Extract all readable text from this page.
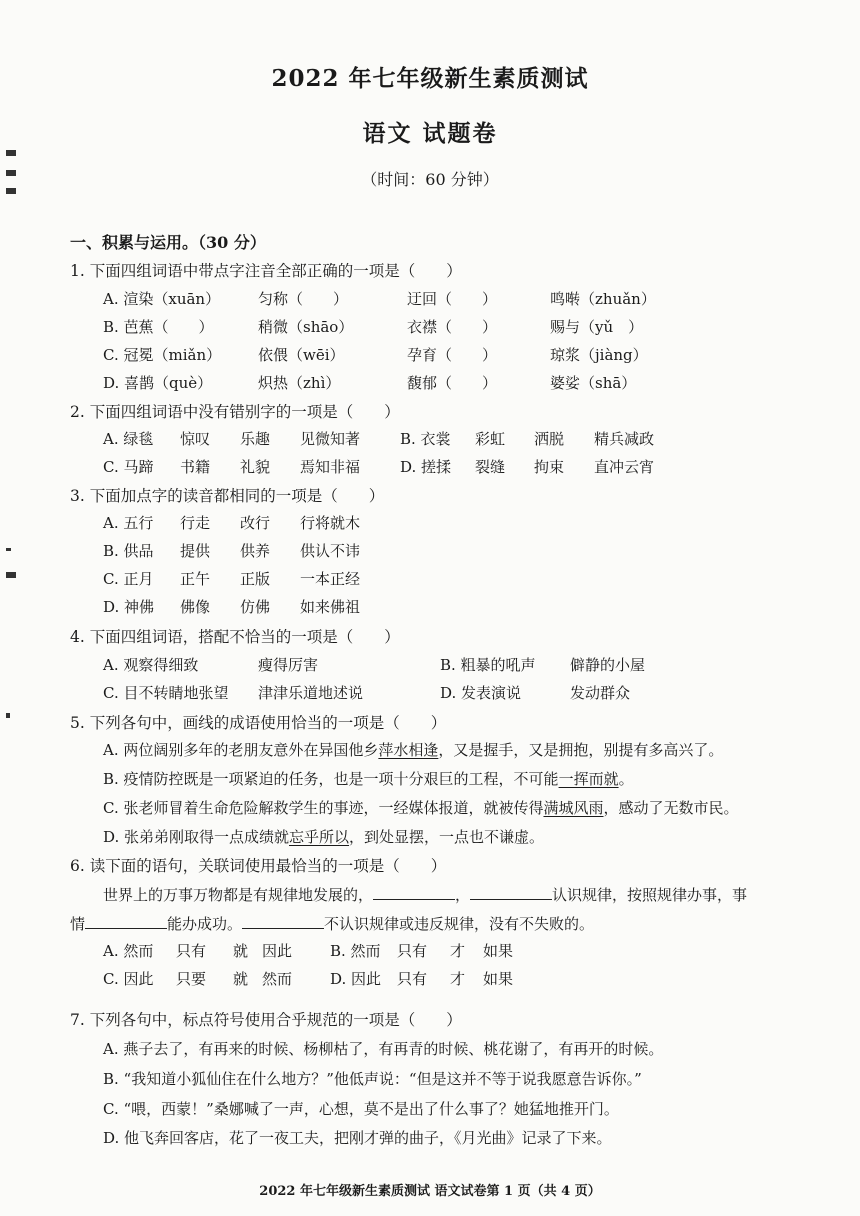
2022 年七年级新生素质测试
语文 试题卷
（时间：60 分钟）
一、积累与运用。（30 分）
1. 下面四组词语中带点字注音全部正确的一项是（　　）
A. 渲染（xuān）	匀称（　　）	迂回（　　）	鸣啭（zhuǎn）
B. 芭蕉（　　）	稍微（shāo）	衣襟（　　）	赐与（yǔ　）
C. 冠冕（miǎn） 依偎（wēi）	孕育（　　）	琼浆（jiàng）
D. 喜鹊（què）	炽热（zhì）	馥郁（　　）	婆娑（shā）
2. 下面四组词语中没有错别字的一项是（　　）
A. 绿毯 惊叹 乐趣 见微知著	B. 衣裳 彩虹 洒脱 精兵减政
C. 马蹄 书籍 礼貌 焉知非福	D. 搓揉 裂缝 拘束 直冲云宵
3. 下面加点字的读音都相同的一项是（　　）
A. 五行 行走 改行 行将就木
B. 供品 提供 供养 供认不讳
C. 正月 正午 正版 一本正经
D. 神佛 佛像 仿佛 如来佛祖
4. 下面四组词语，搭配不恰当的一项是（　　）
A. 观察得细致	瘦得厉害	B. 粗暴的吼声 僻静的小屋
C. 目不转睛地张望 津津乐道地述说	D. 发表演说	发动群众
5. 下列各句中，画线的成语使用恰当的一项是（　　）
A. 两位阔别多年的老朋友意外在异国他乡萍水相逢，又是握手，又是拥抱，别提有多高兴了。
B. 疫情防控既是一项紧迫的任务，也是一项十分艰巨的工程，不可能一挥而就。
C. 张老师冒着生命危险解救学生的事迹，一经媒体报道，就被传得满城风雨，感动了无数市民。
D. 张弟弟刚取得一点成绩就忘乎所以，到处显摆，一点也不谦虚。
6. 读下面的语句，关联词使用最恰当的一项是（　　）
世界上的万事万物都是有规律地发展的，	，	认识规律，按照规律办事，事
情	能办成功。	不认识规律或违反规律，没有不失败的。
A. 然而 只有 就 因此	B. 然而 只有 才 如果
C. 因此 只要 就 然而	D. 因此 只有 才 如果
7. 下列各句中，标点符号使用合乎规范的一项是（　　）
A. 燕子去了，有再来的时候、杨柳枯了，有再青的时候、桃花谢了，有再开的时候。
B. “我知道小狐仙住在什么地方？”他低声说：“但是这并不等于说我愿意告诉你。”
C. “喂，西蒙！”桑娜喊了一声，心想，莫不是出了什么事了？她猛地推开门。
D. 他飞奔回客店，花了一夜工夫，把刚才弹的曲子，《月光曲》记录了下来。
2022 年七年级新生素质测试 语文试卷第 1 页（共 4 页）
